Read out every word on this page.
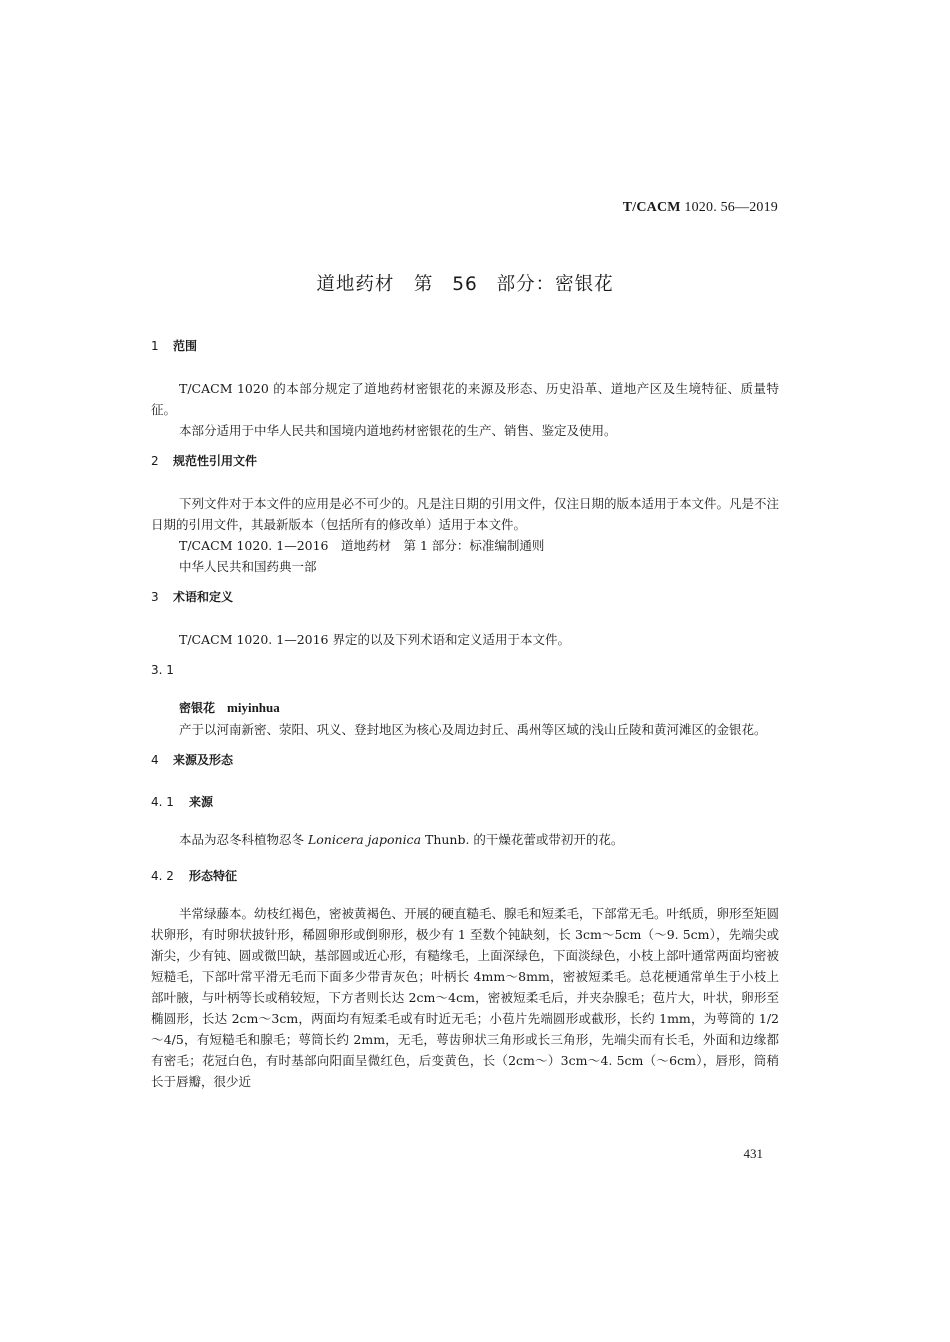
T/CACM 1020. 56—2019
道地药材　第 56 部分：密银花
1 范围

T/CACM 1020 的本部分规定了道地药材密银花的来源及形态、历史沿革、道地产区及生境特征、质量特征。

本部分适用于中华人民共和国境内道地药材密银花的生产、销售、鉴定及使用。

2 规范性引用文件

下列文件对于本文件的应用是必不可少的。凡是注日期的引用文件，仅注日期的版本适用于本文件。凡是不注日期的引用文件，其最新版本（包括所有的修改单）适用于本文件。

T/CACM 1020. 1—2016　道地药材　第 1 部分：标准编制通则

中华人民共和国药典一部

3 术语和定义

T/CACM 1020. 1—2016 界定的以及下列术语和定义适用于本文件。

3. 1
密银花 miyinhua

产于以河南新密、荥阳、巩义、登封地区为核心及周边封丘、禹州等区域的浅山丘陵和黄河滩区的金银花。

4 来源及形态
4. 1 来源

本品为忍冬科植物忍冬 Lonicera japonica Thunb. 的干燥花蕾或带初开的花。

4. 2 形态特征

半常绿藤本。幼枝红褐色，密被黄褐色、开展的硬直糙毛、腺毛和短柔毛，下部常无毛。叶纸质，卵形至矩圆状卵形，有时卵状披针形，稀圆卵形或倒卵形，极少有 1 至数个钝缺刻，长 3cm～5cm（～9. 5cm），先端尖或渐尖，少有钝、圆或微凹缺，基部圆或近心形，有糙缘毛，上面深绿色，下面淡绿色，小枝上部叶通常两面均密被短糙毛，下部叶常平滑无毛而下面多少带青灰色；叶柄长 4mm～8mm，密被短柔毛。总花梗通常单生于小枝上部叶腋，与叶柄等长或稍较短，下方者则长达 2cm～4cm，密被短柔毛后，并夹杂腺毛；苞片大，叶状，卵形至椭圆形，长达 2cm～3cm，两面均有短柔毛或有时近无毛；小苞片先端圆形或截形，长约 1mm，为萼筒的 1/2～4/5，有短糙毛和腺毛；萼筒长约 2mm，无毛，萼齿卵状三角形或长三角形，先端尖而有长毛，外面和边缘都有密毛；花冠白色，有时基部向阳面呈微红色，后变黄色，长（2cm～）3cm～4. 5cm（～6cm），唇形，筒稍长于唇瓣，很少近

431
